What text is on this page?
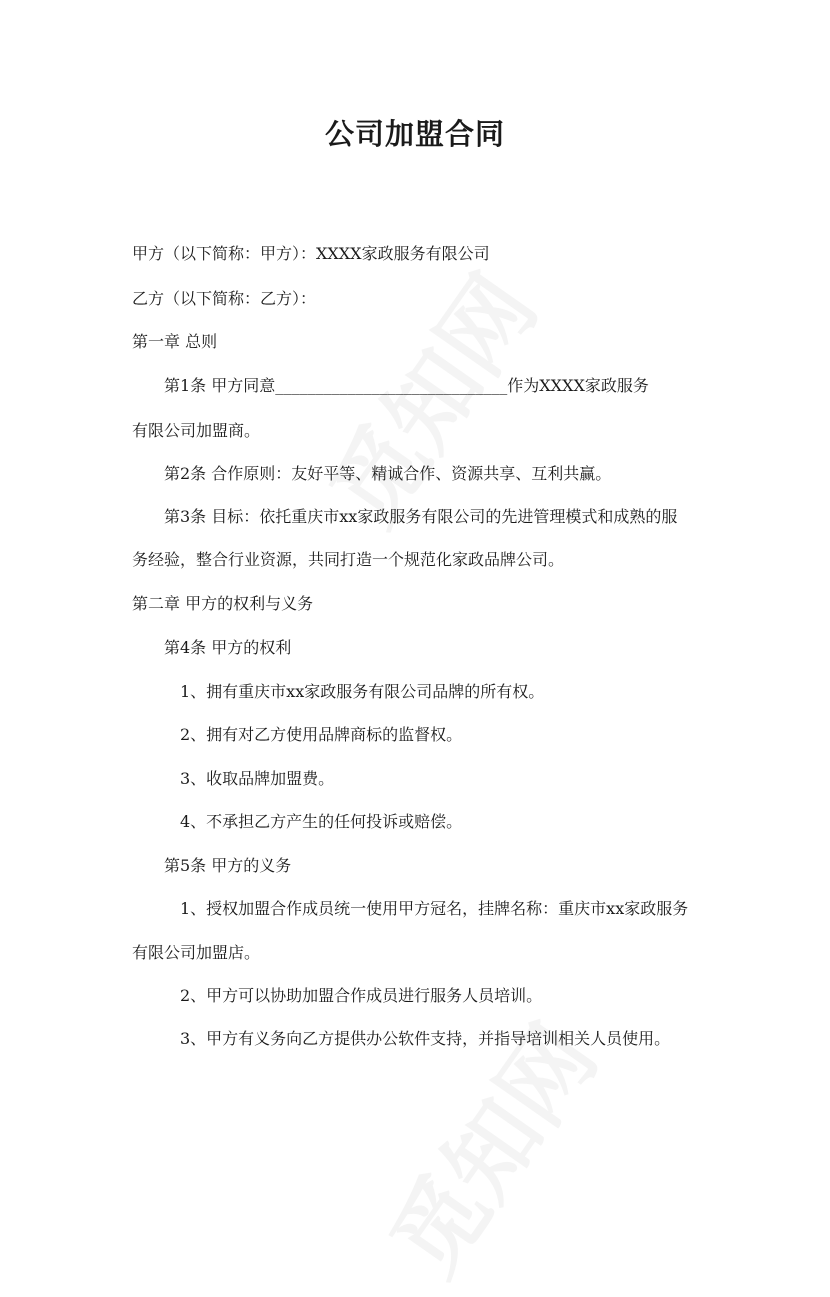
公司加盟合同
甲方（以下简称：甲方）：XXXX家政服务有限公司
乙方（以下简称：乙方）：
第一章 总则
第1条 甲方同意_____________________________作为XXXX家政服务
有限公司加盟商。
第2条 合作原则：友好平等、精诚合作、资源共享、互利共赢。
第3条 目标：依托重庆市xx家政服务有限公司的先进管理模式和成熟的服
务经验，整合行业资源，共同打造一个规范化家政品牌公司。
第二章 甲方的权利与义务
第4条 甲方的权利
1、拥有重庆市xx家政服务有限公司品牌的所有权。
2、拥有对乙方使用品牌商标的监督权。
3、收取品牌加盟费。
4、不承担乙方产生的任何投诉或赔偿。
第5条 甲方的义务
1、授权加盟合作成员统一使用甲方冠名，挂牌名称：重庆市xx家政服务
有限公司加盟店。
2、甲方可以协助加盟合作成员进行服务人员培训。
3、甲方有义务向乙方提供办公软件支持，并指导培训相关人员使用。
